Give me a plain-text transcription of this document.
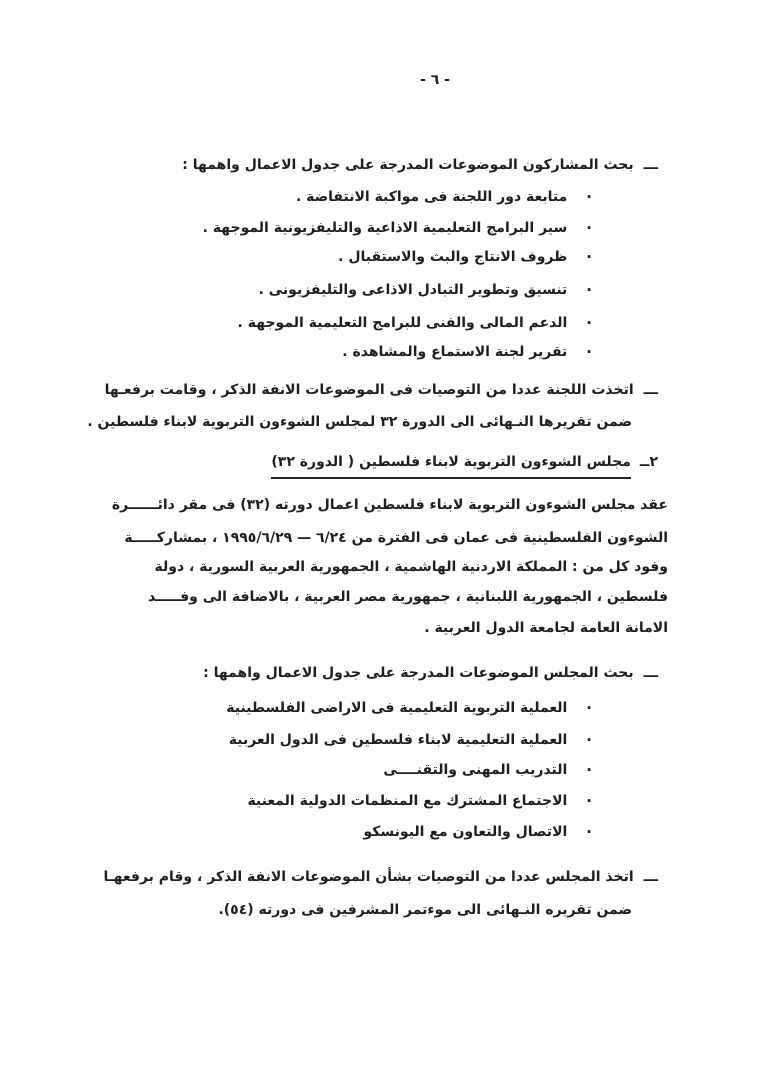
- ٦ -
ـــ
بحث المشاركون الموضوعات المدرجة على جدول الاعمال واهمها :
·
متابعة دور اللجنة فى مواكبة الانتفاضة .
·
سير البرامج التعليمية الاذاعية والتليفزيونية الموجهة .
·
ظروف الانتاج والبث والاستقبال .
·
تنسيق وتطوير التبادل الاذاعى والتليفزيونى .
·
الدعم المالى والفنى للبرامج التعليمية الموجهة .
·
تقرير لجنة الاستماع والمشاهدة .
ـــ
اتخذت اللجنة عددا من التوصيات فى الموضوعات الانفة الذكر ، وقامت برفعـها
ضمن تقريرها النـهائى الى الدورة ٣٢ لمجلس الشوءون التربوية لابناء فلسطين .
٢ــ
مجلس الشوءون التربوية لابناء فلسطين ( الدورة ٣٢)
عقد مجلس الشوءون التربوية لابناء فلسطين اعمال دورته (٣٢) فى مقر دائــــــرة
الشوءون الفلسطينية فى عمان فى الفترة من ٦/٢٤ — ١٩٩٥/٦/٢٩ ، بمشاركـــــة
وفود كل من : المملكة الاردنية الهاشمية ، الجمهورية العربية السورية ، دولة
فلسطين ، الجمهورية اللبنانية ، جمهورية مصر العربية ، بالاضافة الى وفـــــد
الامانة العامة لجامعة الدول العربية .
ـــ
بحث المجلس الموضوعات المدرجة على جدول الاعمال واهمها :
·
العملية التربوية التعليمية فى الاراضى الفلسطينية
·
العملية التعليمية لابناء فلسطين فى الدول العربية
·
التدريب المهنى والتقنــــى
·
الاجتماع المشترك مع المنظمات الدولية المعنية
·
الاتصال والتعاون مع اليونسكو
ـــ
اتخذ المجلس عددا من التوصيات بشأن الموضوعات الانفة الذكر ، وقام برفعهـا
ضمن تقريره النـهائى الى موءتمر المشرفين فى دورته (٥٤).
